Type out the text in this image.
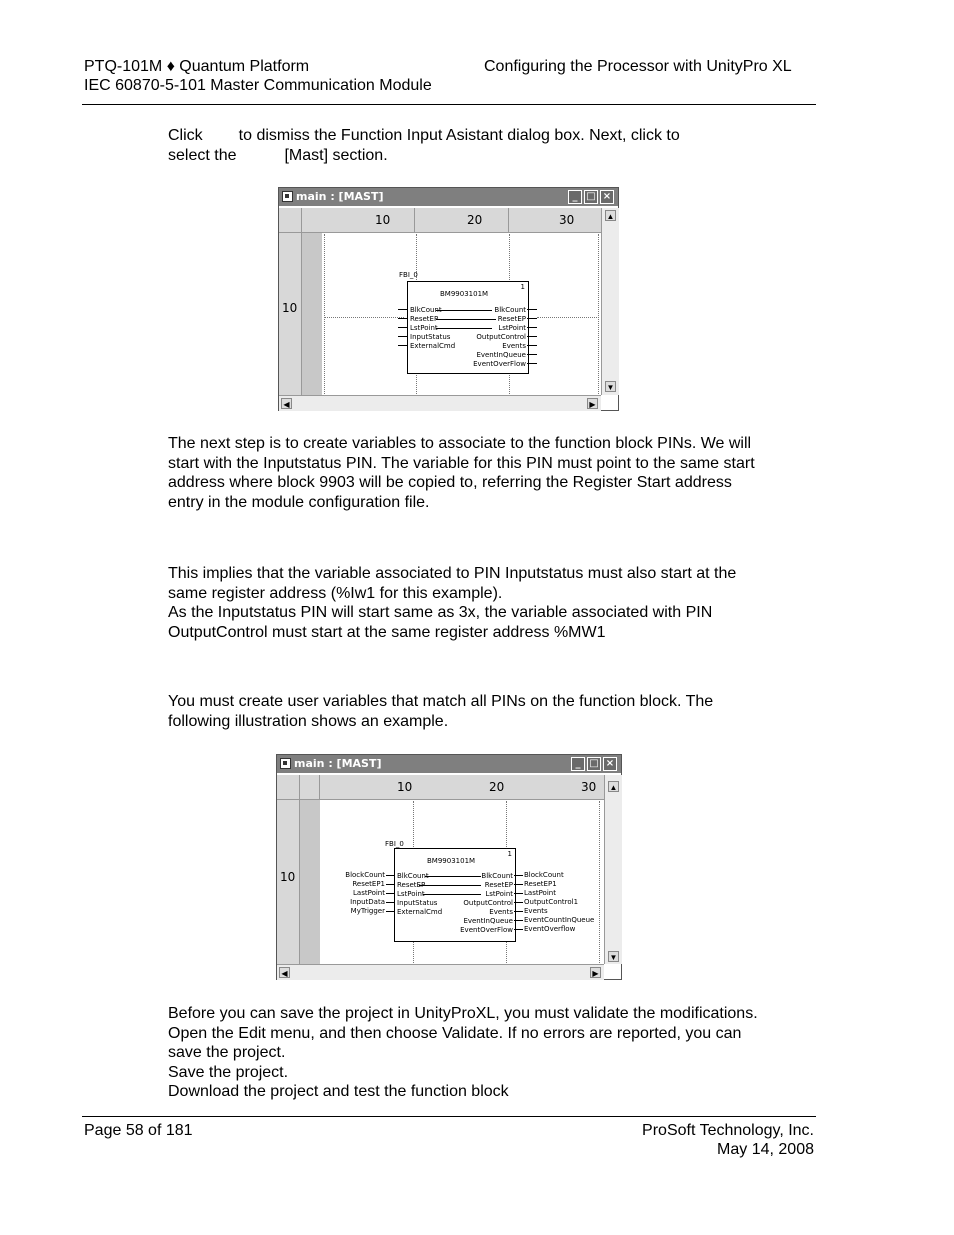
PTQ-101M ♦ Quantum Platform
IEC 60870-5-101 Master Communication Module
Configuring the Processor with UnityPro XL

Click to dismiss the Function Input Asistant dialog box. Next, click to

select the	[Mast] section.

main : [MAST]	_ □ ×
10	20	30
10
FBI_0
BM9903101M
1
BlkCount
ResetEP
LstPoint
InputStatus
ExternalCmd
BlkCount
ResetEP
LstPoint
OutputControl
Events
EventInQueue
EventOverFlow
▲
▼
◀	▶

The next step is to create variables to associate to the function block PINs. We will start with the Inputstatus PIN. The variable for this PIN must point to the same start address where block 9903 will be copied to, referring the Register Start address entry in the module configuration file.

This implies that the variable associated to PIN Inputstatus must also start at the same register address (%Iw1 for this example).

As the Inputstatus PIN will start same as 3x, the variable associated with PIN OutputControl must start at the same register address %MW1

You must create user variables that match all PINs on the function block. The following illustration shows an example.

main : [MAST]	_ □ ×
10	20	30
10
FBI_0
BM9903101M
1
BlkCount
ResetEP
LstPoint
InputStatus
ExternalCmd
BlkCount
ResetEP
LstPoint
OutputControl
Events
EventInQueue
EventOverFlow
BlockCount
ResetEP1
LastPoint
InputData
MyTrigger
BlockCount
ResetEP1
LastPoint
OutputControl1
Events
EventCountInQueue
EventOverflow
▲
▼
◀	▶

Before you can save the project in UnityProXL, you must validate the modifications. Open the Edit menu, and then choose Validate. If no errors are reported, you can save the project.

Save the project.

Download the project and test the function block

Page 58 of 181	ProSoft Technology, Inc.
May 14, 2008
